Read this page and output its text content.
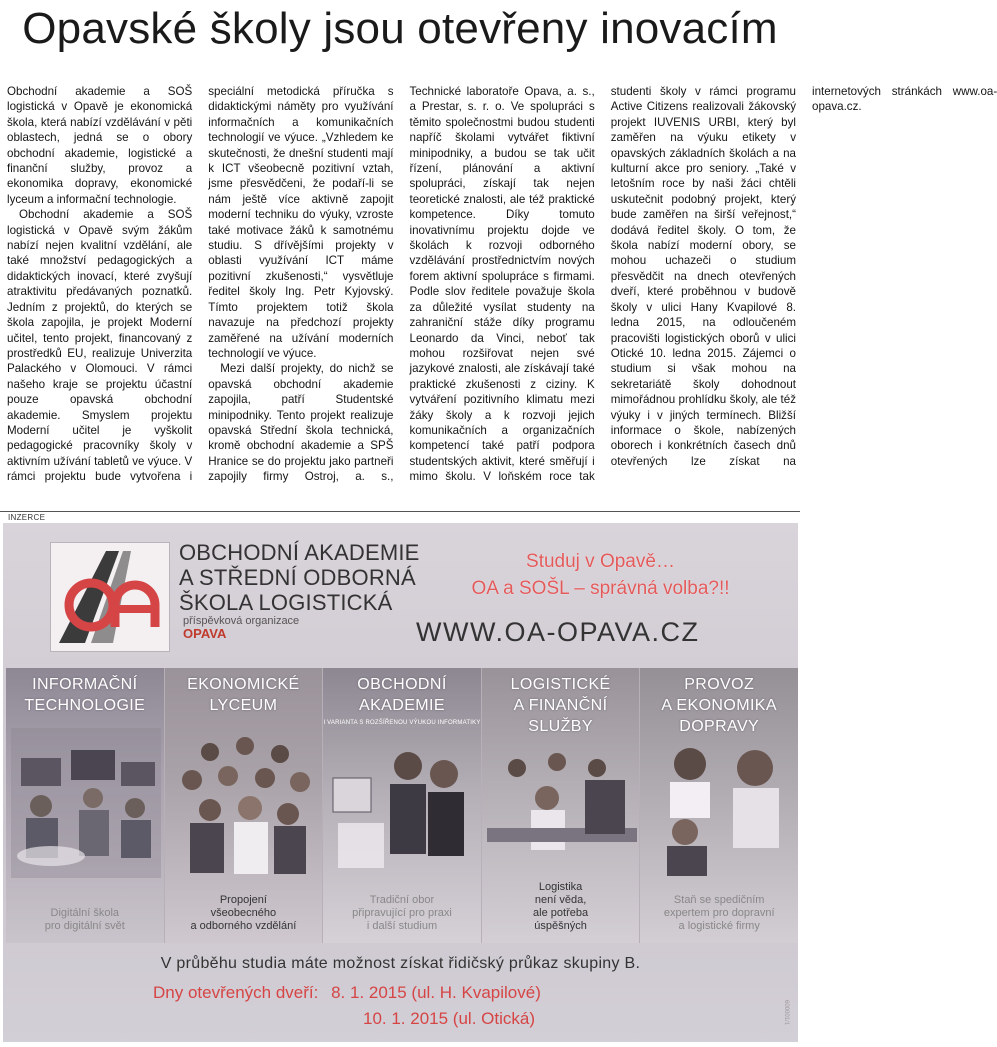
Opavské školy jsou otevřeny inovacím

Obchodní akademie a SOŠ logistická v Opavě je ekonomická škola, která nabízí vzdělávání v pěti oblastech, jedná se o obory obchodní akademie, logistické a finanční služby, provoz a ekonomika dopravy, ekonomické lyceum a informační technologie.

Obchodní akademie a SOŠ logistická v Opavě svým žákům nabízí nejen kvalitní vzdělání, ale také množství pedagogických a didaktických inovací, které zvyšují atraktivitu předávaných poznatků. Jedním z projektů, do kterých se škola zapojila, je projekt Moderní učitel, tento projekt, financovaný z prostředků EU, realizuje Univerzita Palackého v Olomouci. V rámci našeho kraje se projektu účastní pouze opavská obchodní akademie. Smyslem projektu Moderní učitel je vyškolit pedagogické pracovníky školy v aktivním užívání tabletů ve výuce. V rámci projektu bude vytvořena i speciální metodická příručka s didaktickými náměty pro využívání informačních a komunikačních technologií ve výuce. „Vzhledem ke skutečnosti, že dnešní studenti mají k ICT všeobecně pozitivní vztah, jsme přesvědčeni, že podaří-li se nám ještě více aktivně zapojit moderní techniku do výuky, vzroste také motivace žáků k samotnému studiu. S dřívějšími projekty v oblasti využívání ICT máme pozitivní zkušenosti,“ vysvětluje ředitel školy Ing. Petr Kyjovský. Tímto projektem totiž škola navazuje na předchozí projekty zaměřené na užívání moderních technologií ve výuce.

Mezi další projekty, do nichž se opavská obchodní akademie zapojila, patří Studentské minipodniky. Tento projekt realizuje opavská Střední škola technická, kromě obchodní akademie a SPŠ Hranice se do projektu jako partneři zapojily firmy Ostroj, a. s., Technické laboratoře Opava, a. s., a Prestar, s. r. o. Ve spolupráci s těmito společnostmi budou studenti napříč školami vytvářet fiktivní minipodniky, a budou se tak učit řízení, plánování a aktivní spolupráci, získají tak nejen teoretické znalosti, ale též praktické kompetence. Díky tomuto inovativnímu projektu dojde ve školách k rozvoji odborného vzdělávání prostřednictvím nových forem aktivní spolupráce s firmami. Podle slov ředitele považuje škola za důležité vysílat studenty na zahraniční stáže díky programu Leonardo da Vinci, neboť tak mohou rozšiřovat nejen své jazykové znalosti, ale získávají také praktické zkušenosti z ciziny. K vytváření pozitivního klimatu mezi žáky školy a k rozvoji jejich komunikačních a organizačních kompetencí také patří podpora studentských aktivit, které směřují i mimo školu. V loňském roce tak studenti školy v rámci programu Active Citizens realizovali žákovský projekt IUVENIS URBI, který byl zaměřen na výuku etikety v opavských základních školách a na kulturní akce pro seniory. „Také v letošním roce by naši žáci chtěli uskutečnit podobný projekt, který bude zaměřen na širší veřejnost,“ dodává ředitel školy. O tom, že škola nabízí moderní obory, se mohou uchazeči o studium přesvědčit na dnech otevřených dveří, které proběhnou v budově školy v ulici Hany Kvapilové 8. ledna 2015, na odloučeném pracovišti logistických oborů v ulici Otické 10. ledna 2015. Zájemci o studium si však mohou na sekretariátě školy dohodnout mimořádnou prohlídku školy, ale též výuky i v jiných termínech. Bližší informace o škole, nabízených oborech i konkrétních časech dnů otevřených lze získat na internetových stránkách www.oa-opava.cz.

INZERCE
OBCHODNÍ AKADEMIE
A STŘEDNÍ ODBORNÁ
ŠKOLA LOGISTICKÁ
příspěvková organizace
OPAVA
Studuj v Opavě…
OA a SOŠL – správná volba?!!
WWW.OA-OPAVA.CZ
INFORMAČNÍ
TECHNOLOGIE
Digitální škola
pro digitální svět
EKONOMICKÉ
LYCEUM
Propojení
všeobecného
a odborného vzdělání
OBCHODNÍ
AKADEMIE
I VARIANTA S ROZŠÍŘENOU VÝUKOU INFORMATIKY
Tradiční obor
připravující pro praxi
i další studium
LOGISTICKÉ
A FINANČNÍ
SLUŽBY
Logistika
není věda,
ale potřeba
úspěšných
PROVOZ
A EKONOMIKA
DOPRAVY
Staň se spedičním
expertem pro dopravní
a logistické firmy
V průběhu studia máte možnost získat řidičský průkaz skupiny B.
Dny otevřených dveří: 8. 1. 2015 (ul. H. Kvapilové)
10. 1. 2015 (ul. Otická)	600001/1
